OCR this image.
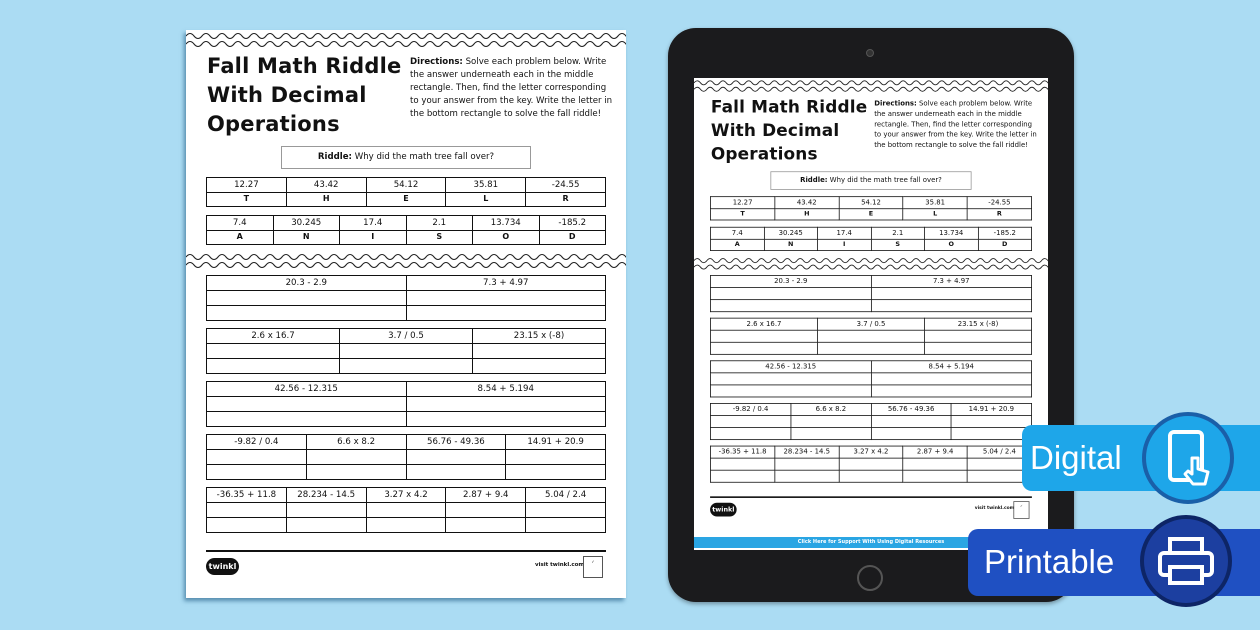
Fall Math Riddle
With Decimal
Operations
Directions: Solve each problem below. Write the answer underneath each in the middle rectangle. Then, find the letter corresponding to your answer from the key. Write the letter in the bottom rectangle to solve the fall riddle!
Riddle: Why did the math tree fall over?
12.27	43.42	54.12	35.81	-24.55
T	H	E	L	R
7.4	30.245	17.4	2.1	13.734	-185.2
A	N	I	S	O	D
20.3 - 2.9	7.3 + 4.97

2.6 x 16.7	3.7 / 0.5	23.15 x (-8)

42.56 - 12.315	8.54 + 5.194

-9.82 / 0.4	6.6 x 8.2	56.76 - 49.36	14.91 + 20.9

-36.35 + 11.8	28.234 - 14.5	3.27 x 4.2	2.87 + 9.4	5.04 / 2.4

twinkl	visit twinkl.com
✓
Fall Math Riddle
With Decimal
Operations
Directions: Solve each problem below. Write the answer underneath each in the middle rectangle. Then, find the letter corresponding to your answer from the key. Write the letter in the bottom rectangle to solve the fall riddle!
Riddle: Why did the math tree fall over?
12.27	43.42	54.12	35.81	-24.55
T	H	E	L	R
7.4	30.245	17.4	2.1	13.734	-185.2
A	N	I	S	O	D
20.3 - 2.9	7.3 + 4.97

2.6 x 16.7	3.7 / 0.5	23.15 x (-8)

42.56 - 12.315	8.54 + 5.194

-9.82 / 0.4	6.6 x 8.2	56.76 - 49.36	14.91 + 20.9

-36.35 + 11.8	28.234 - 14.5	3.27 x 4.2	2.87 + 9.4	5.04 / 2.4

twinkl	visit twinkl.com
✓
Click Here for Support With Using Digital Resources
Digital
Printable
